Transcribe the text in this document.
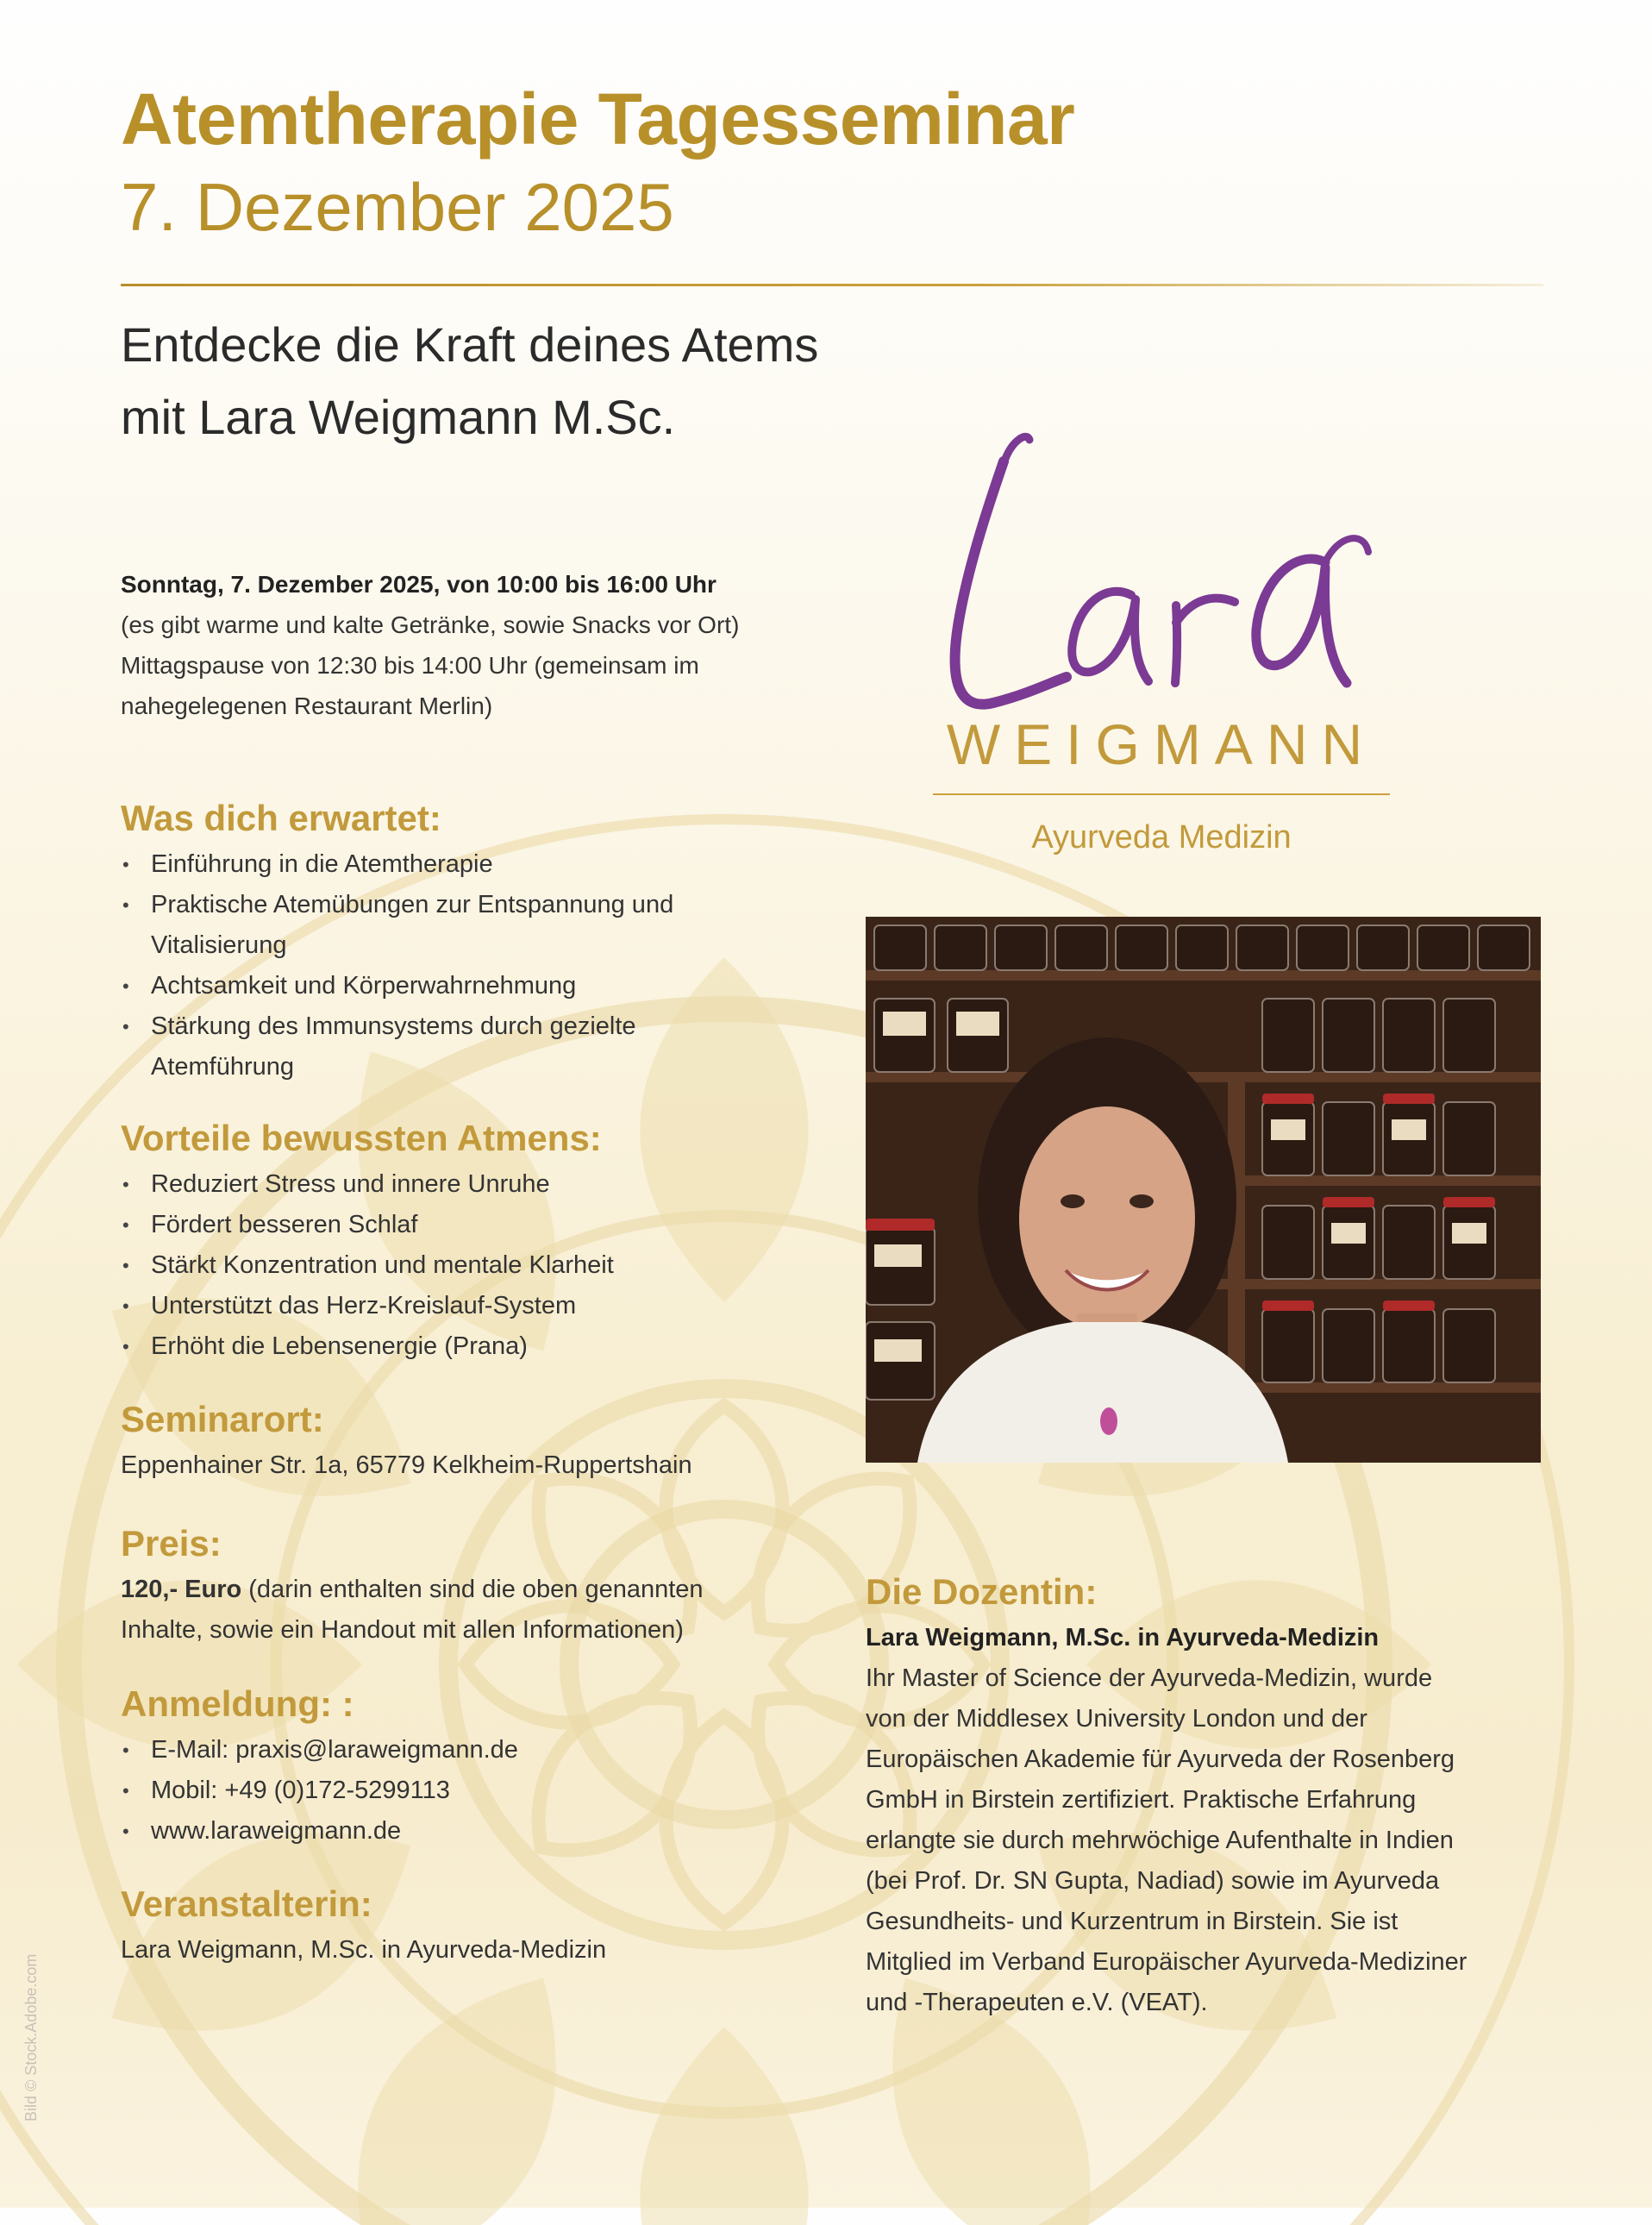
Atemtherapie Tagesseminar
7. Dezember 2025
Entdecke die Kraft deines Atems
mit Lara Weigmann M.Sc.
Sonntag, 7. Dezember 2025, von 10:00 bis 16:00 Uhr
(es gibt warme und kalte Getränke, sowie Snacks vor Ort)
Mittagspause von 12:30 bis 14:00 Uhr (gemeinsam im
nahegelegenen Restaurant Merlin)
Was dich erwartet:
• Einführung in die Atemtherapie
• Praktische Atemübungen zur Entspannung und Vitalisierung
• Achtsamkeit und Körperwahrnehmung
• Stärkung des Immunsystems durch gezielte Atemführung
Vorteile bewussten Atmens:
• Reduziert Stress und innere Unruhe
• Fördert besseren Schlaf
• Stärkt Konzentration und mentale Klarheit
• Unterstützt das Herz-Kreislauf-System
• Erhöht die Lebensenergie (Prana)
Seminarort:
Eppenhainer Str. 1a, 65779 Kelkheim-Ruppertshain
Preis:
120,- Euro (darin enthalten sind die oben genannten
Inhalte, sowie ein Handout mit allen Informationen)
Anmeldung: :
• E-Mail: praxis@laraweigmann.de
• Mobil: +49 (0)172-5299113
• www.laraweigmann.de
Veranstalterin:
Lara Weigmann, M.Sc. in Ayurveda-Medizin
WEIGMANN
Ayurveda Medizin
Die Dozentin:
Lara Weigmann, M.Sc. in Ayurveda-Medizin
Ihr Master of Science der Ayurveda-Medizin, wurde
von der Middlesex University London und der
Europäischen Akademie für Ayurveda der Rosenberg
GmbH in Birstein zertifiziert. Praktische Erfahrung
erlangte sie durch mehrwöchige Aufenthalte in Indien
(bei Prof. Dr. SN Gupta, Nadiad) sowie im Ayurveda
Gesundheits- und Kurzentrum in Birstein. Sie ist
Mitglied im Verband Europäischer Ayurveda-Mediziner
und -Therapeuten e.V. (VEAT).
Bild © Stock.Adobe.com
